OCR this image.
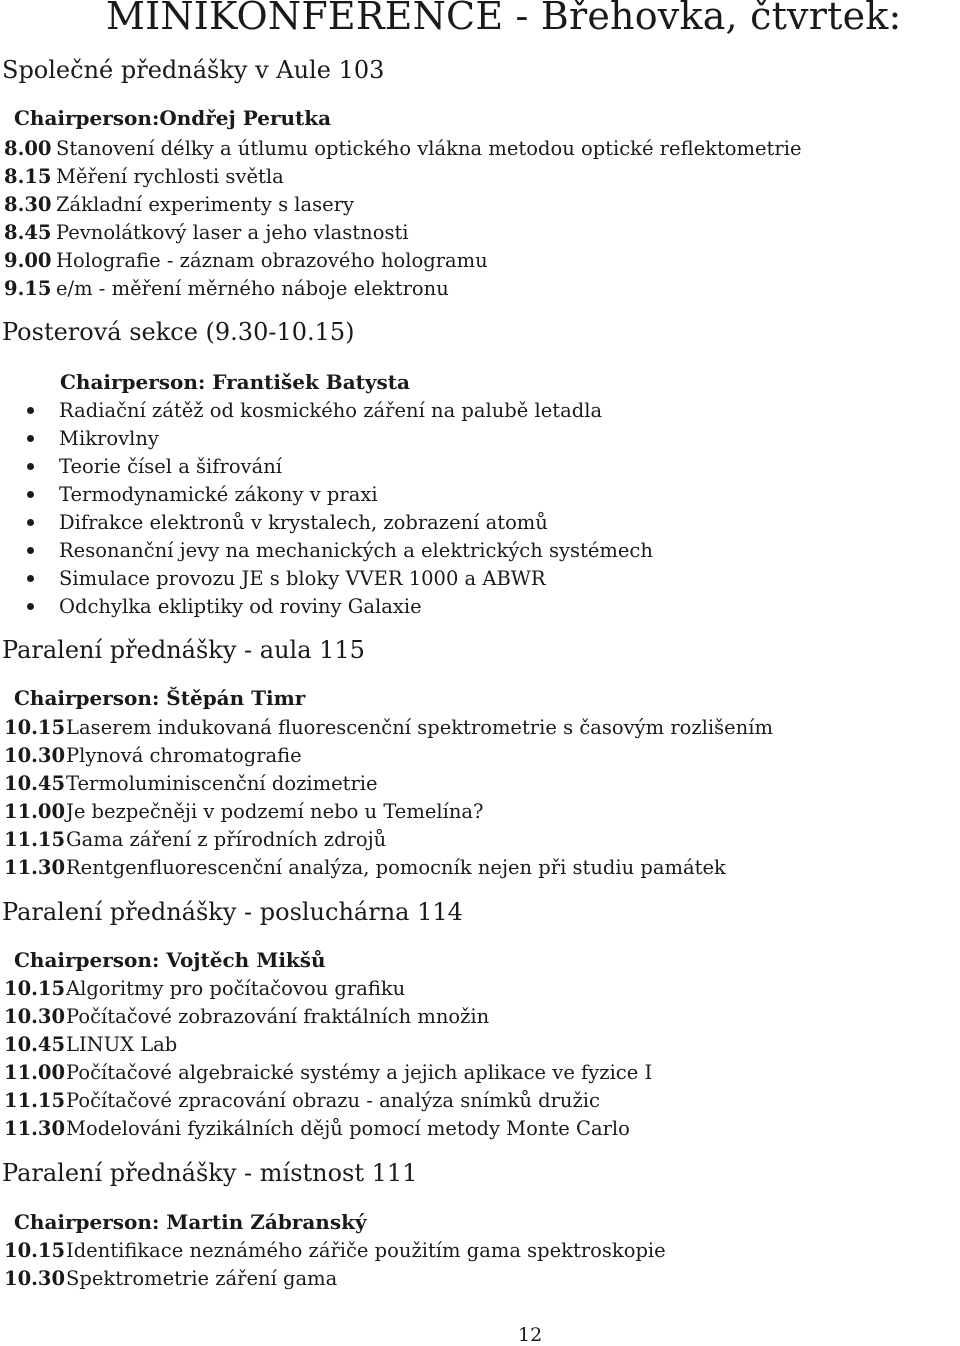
MINIKONFERENCE - Břehovka, čtvrtek:
Společné přednášky v Aule 103
Chairperson:Ondřej Perutka
8.00 Stanovení délky a útlumu optického vlákna metodou optické reflektometrie
8.15 Měření rychlosti světla
8.30 Základní experimenty s lasery
8.45 Pevnolátkový laser a jeho vlastnosti
9.00 Holografie - záznam obrazového hologramu
9.15 e/m - měření měrného náboje elektronu
Posterová sekce (9.30-10.15)
Chairperson: František Batysta
Radiační zátěž od kosmického záření na palubě letadla
Mikrovlny
Teorie čísel a šifrování
Termodynamické zákony v praxi
Difrakce elektronů v krystalech, zobrazení atomů
Resonanční jevy na mechanických a elektrických systémech
Simulace provozu JE s bloky VVER 1000 a ABWR
Odchylka ekliptiky od roviny Galaxie
Paralení přednášky - aula 115
Chairperson: Štěpán Timr
10.15 Laserem indukovaná fluorescenční spektrometrie s časovým rozlišením
10.30 Plynová chromatografie
10.45 Termoluminiscenční dozimetrie
11.00 Je bezpečněji v podzemí nebo u Temelína?
11.15 Gama záření z přírodních zdrojů
11.30 Rentgenfluorescenční analýza, pomocník nejen při studiu památek
Paralení přednášky - posluchárna 114
Chairperson: Vojtěch Mikšů
10.15 Algoritmy pro počítačovou grafiku
10.30 Počítačové zobrazování fraktálních množin
10.45 LINUX Lab
11.00 Počítačové algebraické systémy a jejich aplikace ve fyzice I
11.15 Počítačové zpracování obrazu - analýza snímků družic
11.30 Modelováni fyzikálních dějů pomocí metody Monte Carlo
Paralení přednášky - místnost 111
Chairperson: Martin Zábranský
10.15 Identifikace neznámého zářiče použitím gama spektroskopie
10.30 Spektrometrie záření gama
12
